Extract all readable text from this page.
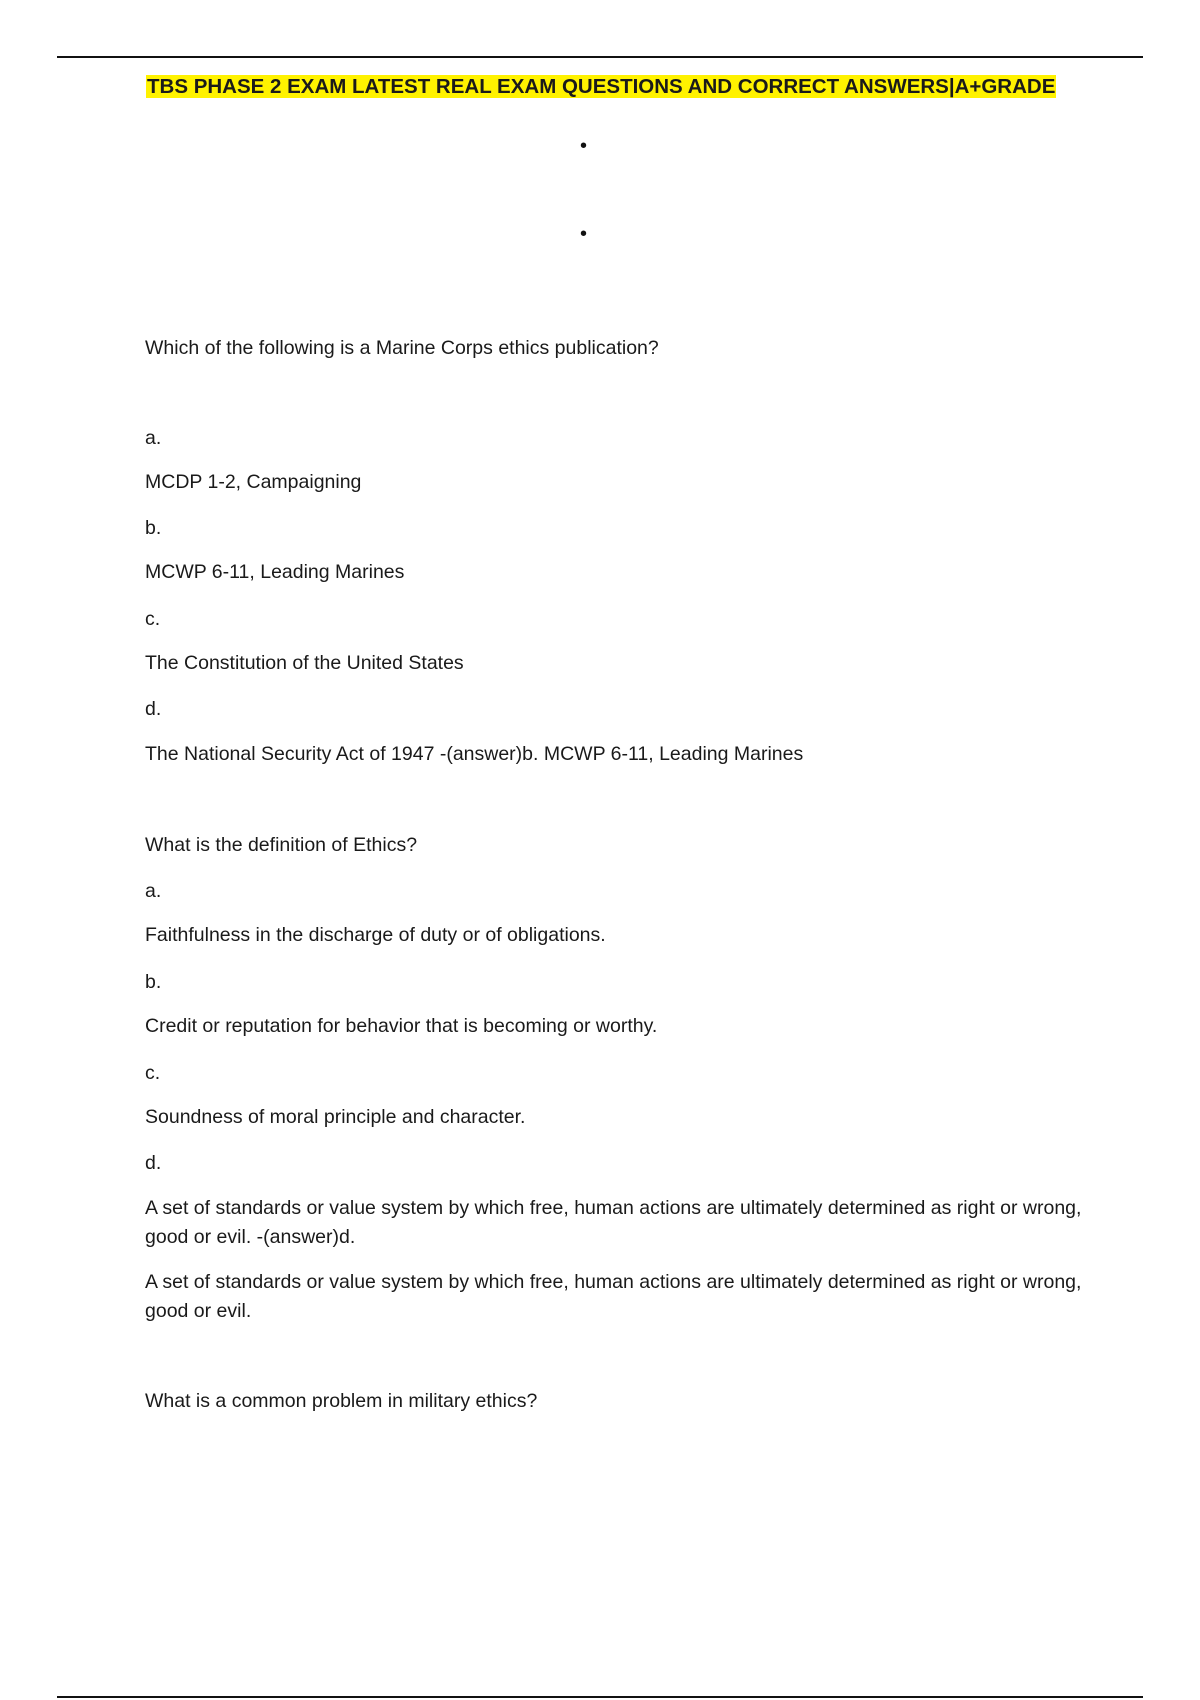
TBS PHASE 2 EXAM LATEST REAL EXAM QUESTIONS AND CORRECT ANSWERS|A+GRADE
•
•
Which of the following is a Marine Corps ethics publication?
a.
MCDP 1-2, Campaigning
b.
MCWP 6-11, Leading Marines
c.
The Constitution of the United States
d.
The National Security Act of 1947 -(answer)b. MCWP 6-11, Leading Marines
What is the definition of Ethics?
a.
Faithfulness in the discharge of duty or of obligations.
b.
Credit or reputation for behavior that is becoming or worthy.
c.
Soundness of moral principle and character.
d.
A set of standards or value system by which free, human actions are ultimately determined as right or wrong, good or evil. -(answer)d.
A set of standards or value system by which free, human actions are ultimately determined as right or wrong, good or evil.
What is a common problem in military ethics?
